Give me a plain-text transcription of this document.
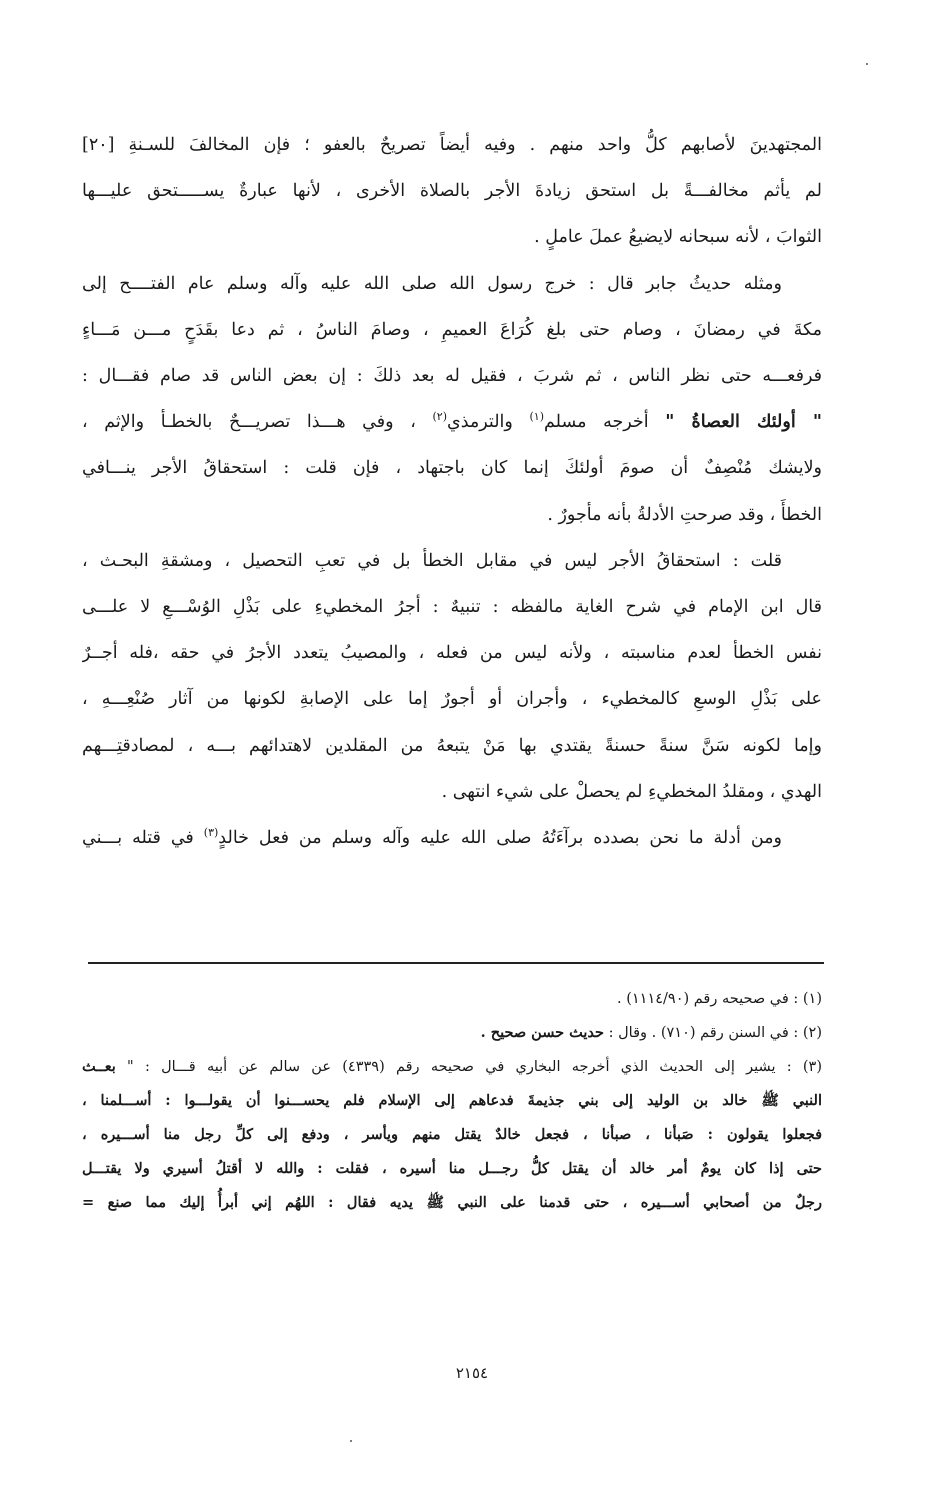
المجتهدينَ لأصابهم كلُّ واحد منهم . وفيه أيضاً تصريحٌ بالعفو ؛ فإن المخالفَ للسـنةِ [٢٠]
لم يأثم مخالفـــةً بل استحق زيادةَ الأجر بالصلاة الأخرى ، لأنها عبارةٌ يســـــتحق عليـــها
الثوابَ ، لأنه سبحانه لايضيعُ عملَ عاملٍ .
ومثله حديثُ جابر قال : خرج رسول الله صلى الله عليه وآله وسلم عام الفتــــح إلى
مكةَ في رمضانَ ، وصام حتى بلغ كُرَاعَ العميمِ ، وصامَ الناسُ ، ثم دعا بقَدَحٍ مـــن مَـــاءٍ
فرفعـــه حتى نظر الناس ، ثم شربَ ، فقيل له بعد ذلكَ : إن بعض الناس قد صام فقـــال :
" أولئك العصاةُ " أخرجه مسلم$^{(١)}$ والترمذي$^{(٢)}$ ، وفي هـــذا تصريـــحٌ بالخطـأ والإثم ،
ولايشك مُنْصِفٌ أن صومَ أولئكَ إنما كان باجتهاد ، فإن قلت : استحقاقُ الأجر ينـــافي
الخطأَ ، وقد صرحتِ الأدلةُ بأنه مأجورٌ .
قلت : استحقاقُ الأجر ليس في مقابل الخطأ بل في تعبِ التحصيل ، ومشقةِ البحـث ،
قال ابن الإمام في شرح الغاية مالفظه : تنبيهٌ : أجرُ المخطيءِ على بَذْلِ الوُسْـــعِ لا علـــى
نفس الخطأ لعدم مناسبته ، ولأنه ليس من فعله ، والمصيبُ يتعدد الأجرُ في حقه ،فله أجــرٌ
على بَذْلِ الوسعِ كالمخطيء ، وأجران أو أجورٌ إما على الإصابةِ لكونها من آثار صُنْعِـــهِ ،
وإما لكونه سَنَّ سنةً حسنةً يقتدي بها مَنْ يتبعهُ من المقلدين لاهتدائهم بـــه ، لمصادقتِـــهم
الهدي ، ومقلدُ المخطيءِ لم يحصلْ على شيء انتهى .
ومن أدلة ما نحن بصدده برآءَتُهُ صلى الله عليه وآله وسلم من فعل خالدٍ$^{(٣)}$ في قتله بـــني
(١) : في صحيحه رقم (١١١٤/٩٠) .
(٢) : في السنن رقم (٧١٠) . وقال : حديث حسن صحيح .
(٣) : يشير إلى الحديث الذي أخرجه البخاري في صحيحه رقم (٤٣٣٩) عن سالم عن أبيه قـــال : " بعــث
النبي ﷺ خالد بن الوليد إلى بني جذيمةَ فدعاهم إلى الإسلام فلم يحســـنوا أن يقولـــوا : أســـلمنا ،
فجعلوا يقولون : صَبأنا ، صبأنا ، فجعل خالدٌ يقتل منهم ويأسر ، ودفع إلى كلِّ رجل منا أســـيره ،
حتى إذا كان يومٌ أمر خالد أن يقتل كلُّ رجـــل منا أسيره ، فقلت : والله لا أقتلُ أسيري ولا يقتـــل
رجلٌ من أصحابي أســـيره ، حتى قدمنا على النبي ﷺ يديه فقال : اللهُم إني أبرأُ إليك مما صنع =
٢١٥٤
